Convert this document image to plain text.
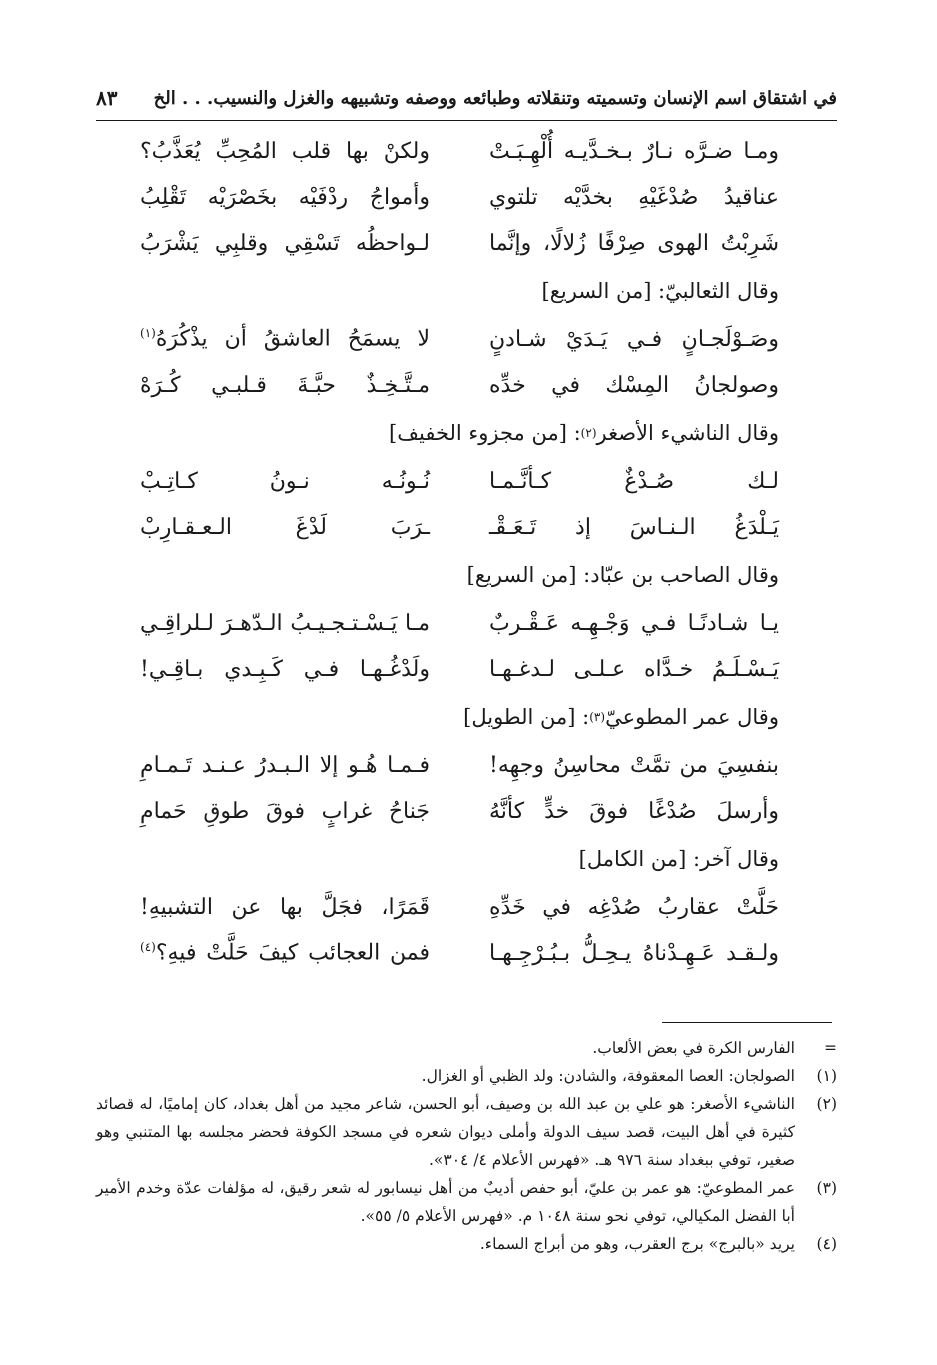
في اشتقاق اسم الإنسان وتسميته وتنقلاته وطبائعه ووصفه وتشبيهه والغزل والنسيب. . . الخ
٨٣
ومـا ضـرَّه نـارٌ بـخـدَّيـه أُلْهِـبَـتْ
ولكنْ بها قلب المُحِبِّ يُعَذَّبُ؟
عناقيدُ صُدْغَيْهِ بخدَّيْه تلتوي
وأمواجُ ردْفَيْه بخَصْرَيْه تَقْلِبُ
شَرِبْتُ الهوى صِرْفًا زُلالًا، وإنَّما
لـواحظُه تَسْقِي وقلبِي يَشْرَبُ
وقال الثعالبيّ: [من السريع]
وصَـوْلَجـانٍ فـي يَـدَيْ شـادنٍ
لا يسمَحُ العاشقُ أن يذْكُرَهُ$^{(١)}$
وصولجانُ المِسْك في خدِّه
مـتَّـخِـذٌ حبَّـةَ قـلبـي كُـرَهْ
وقال الناشيء الأصغر
(٢)
: [من مجزوء الخفيف]
لـك صُـدْغٌ كـأنَّـمـا
نُـونُـه نـونُ كـاتِـبْ
يَـلْدَغُ الـنـاسَ إذ تَـعَـقْـ
ـرَبَ لَدْغَ الـعـقـارِبْ
وقال الصاحب بن عبّاد: [من السريع]
يـا شـادنًـا فـي وَجْـهِـه عَـقْـربٌ
مـا يَـسْـتـجـيـبُ الـدّهـرَ لـلراقِـي
يَـسْـلَـمُ خـدَّاه عـلـى لـدغـهـا
ولَدْغُـهـا فـي كَـبِـدي بـاقِـي!
وقال عمر المطوعيّ
(٣)
: [من الطويل]
بنفسِيَ من تمَّتْ محاسِنُ وجهِه!
فـمـا هُـو إلا الـبـدرُ عـنـد تَـمـامِ
وأرسلَ صُدْغًا فوقَ خدٍّ كأنَّهُ
جَناحُ غرابٍ فوقَ طوقِ حَمامِ
وقال آخر: [من الكامل]
حَلَّتْ عقاربُ صُدْغِه في خَدِّهِ
قَمَرًا، فجَلَّ بها عن التشبيهِ!
ولـقـد عَـهِـدْناهُ يـحِـلُّ بـبُـرْجِـهـا
فمن العجائب كيفَ حَلَّتْ فيهِ؟$^{(٤)}$
=
الفارس الكرة في بعض الألعاب.
(١)
الصولجان: العصا المعقوفة، والشادن: ولد الظبي أو الغزال.
(٢)
الناشيء الأصغر: هو علي بن عبد الله بن وصيف، أبو الحسن، شاعر مجيد من أهل بغداد، كان إماميًا، له قصائد كثيرة في أهل البيت، قصد سيف الدولة وأملى ديوان شعره في مسجد الكوفة فحضر مجلسه بها المتنبي وهو صغير، توفي ببغداد سنة ٩٧٦ هـ. «فهرس الأعلام ٤/ ٣٠٤».
(٣)
عمر المطوعيّ: هو عمر بن عليّ، أبو حفص أديبٌ من أهل نيسابور له شعر رقيق، له مؤلفات عدّة وخدم الأمير أبا الفضل المكيالي، توفي نحو سنة ١٠٤٨ م. «فهرس الأعلام ٥/ ٥٥».
(٤)
يريد «بالبرج» برج العقرب، وهو من أبراج السماء.
